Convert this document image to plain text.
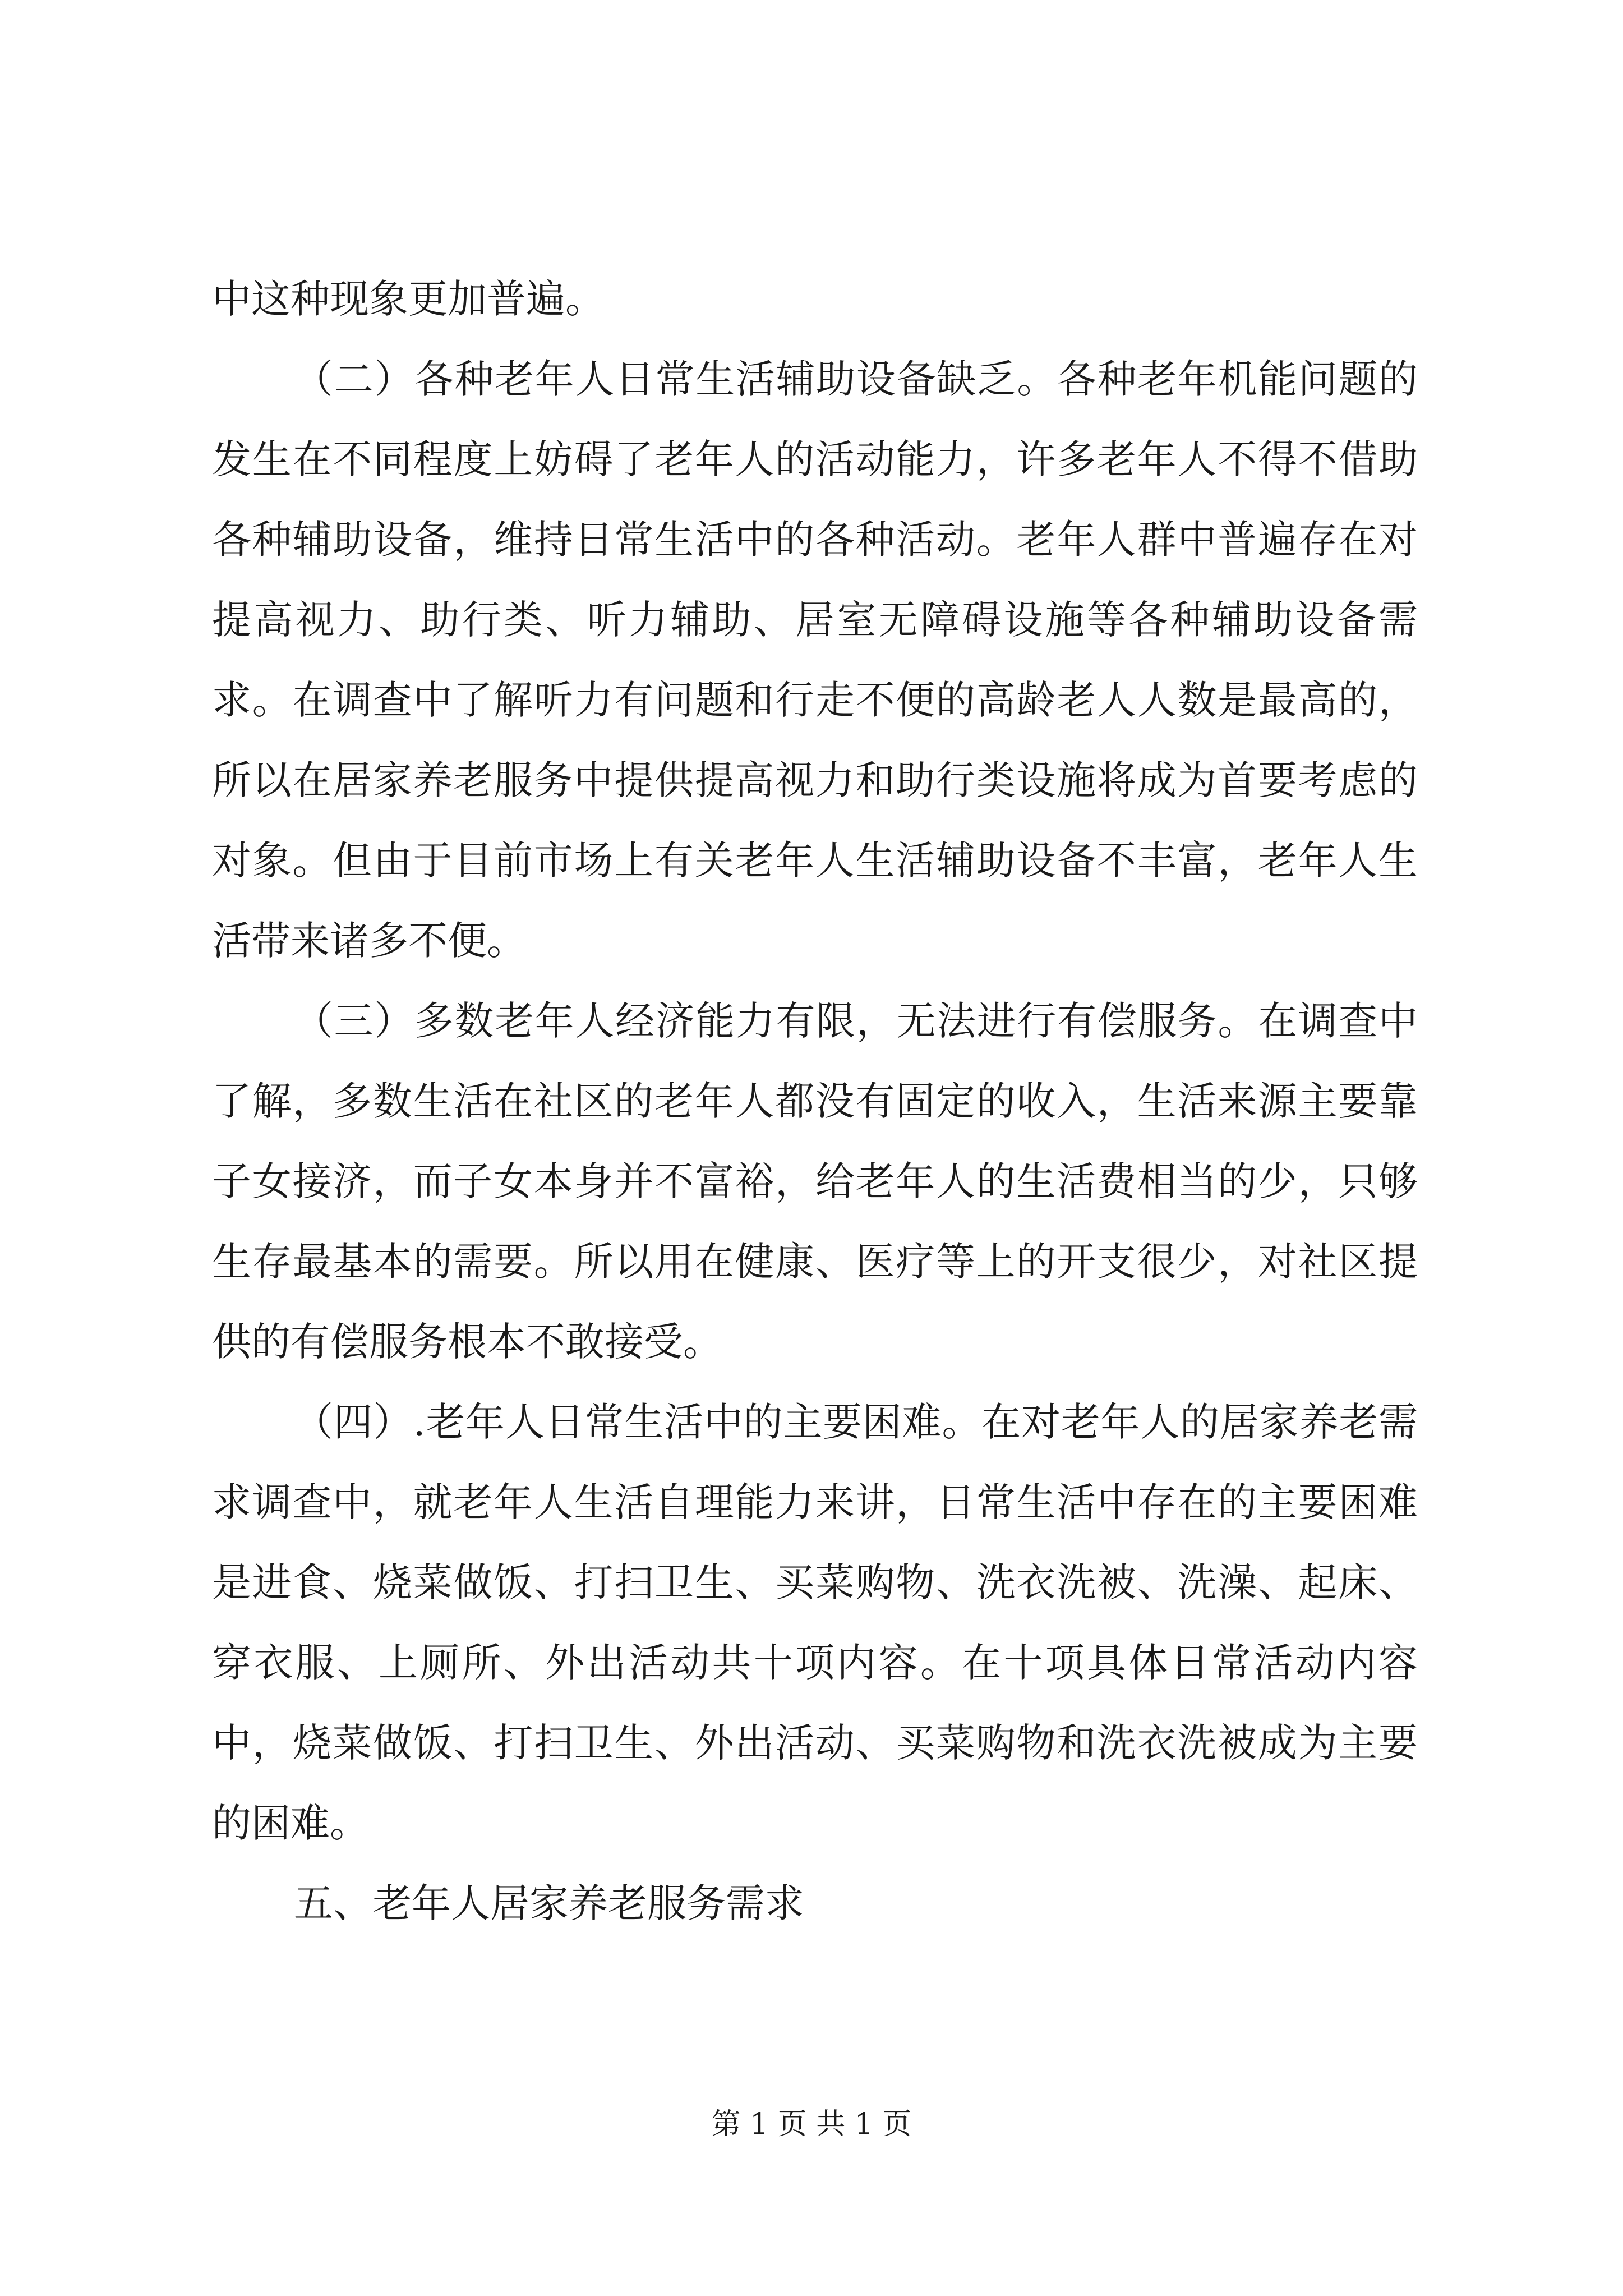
中这种现象更加普遍。

（二）各种老年人日常生活辅助设备缺乏。各种老年机能问题的发生在不同程度上妨碍了老年人的活动能力，许多老年人不得不借助各种辅助设备，维持日常生活中的各种活动。老年人群中普遍存在对提高视力、助行类、听力辅助、居室无障碍设施等各种辅助设备需求。在调查中了解听力有问题和行走不便的高龄老人人数是最高的，所以在居家养老服务中提供提高视力和助行类设施将成为首要考虑的对象。但由于目前市场上有关老年人生活辅助设备不丰富，老年人生活带来诸多不便。

（三）多数老年人经济能力有限，无法进行有偿服务。在调查中了解，多数生活在社区的老年人都没有固定的收入，生活来源主要靠子女接济，而子女本身并不富裕，给老年人的生活费相当的少，只够生存最基本的需要。所以用在健康、医疗等上的开支很少，对社区提供的有偿服务根本不敢接受。

（四）.老年人日常生活中的主要困难。在对老年人的居家养老需求调查中，就老年人生活自理能力来讲，日常生活中存在的主要困难是进食、烧菜做饭、打扫卫生、买菜购物、洗衣洗被、洗澡、起床、穿衣服、上厕所、外出活动共十项内容。在十项具体日常活动内容中，烧菜做饭、打扫卫生、外出活动、买菜购物和洗衣洗被成为主要的困难。

五、老年人居家养老服务需求

第 1 页 共 1 页
